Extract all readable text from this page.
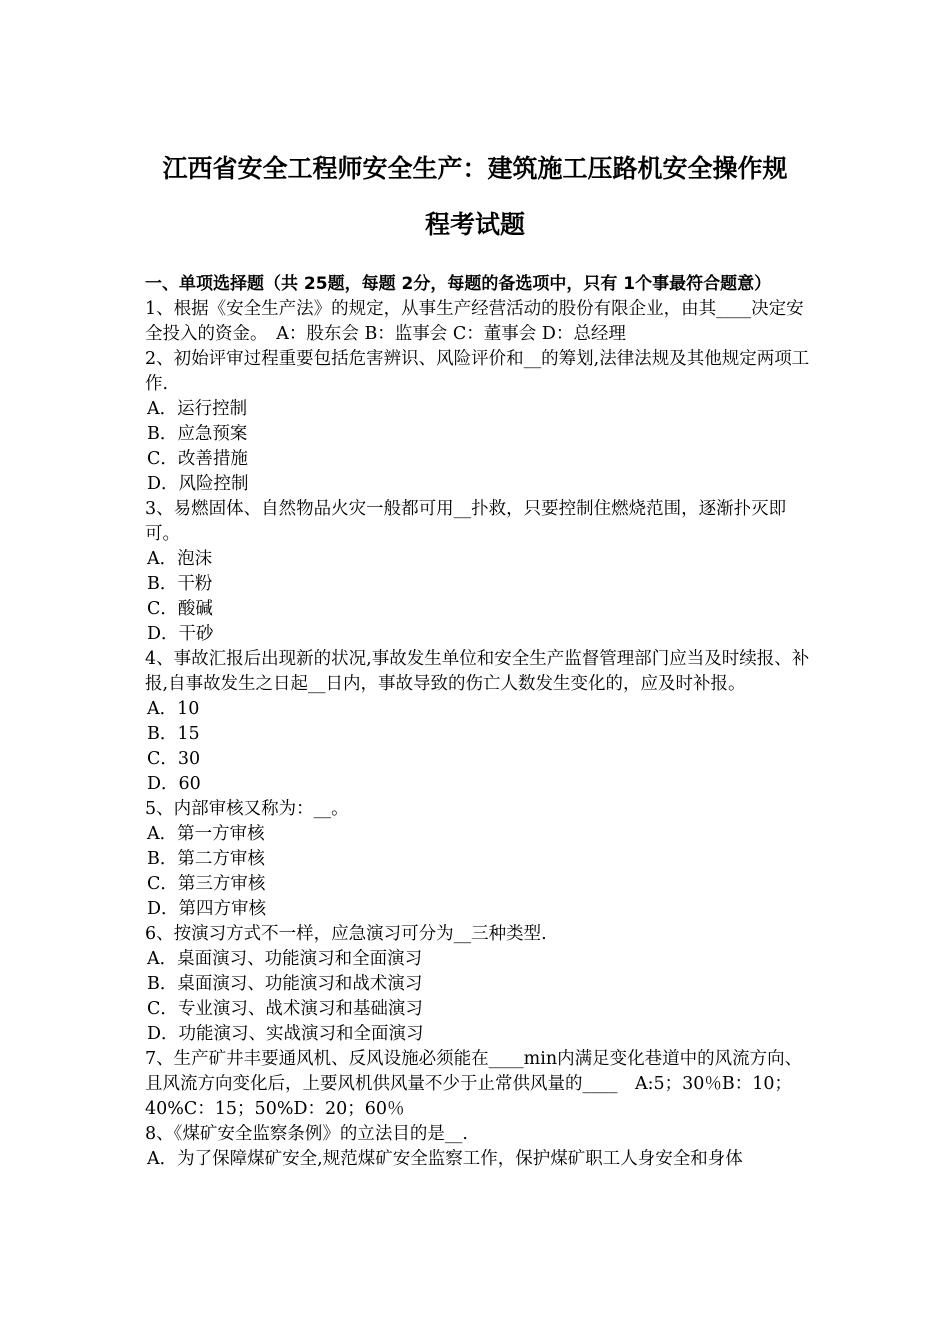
江西省安全工程师安全生产：建筑施工压路机安全操作规
程考试题

一、单项选择题（共 25题，每题 2分，每题的备选项中，只有 1个事最符合题意）

1、根据《安全生产法》的规定，从事生产经营活动的股份有限企业，由其____决定安全投入的资金。　A：股东会 B：监事会 C：董事会 D：总经理

2、初始评审过程重要包括危害辨识、风险评价和__的筹划,法律法规及其他规定两项工作.

A．运行控制

B．应急预案

C．改善措施

D．风险控制

3、易燃固体、自然物品火灾一般都可用__扑救，只要控制住燃烧范围，逐渐扑灭即可。

A．泡沫

B．干粉

C．酸碱

D．干砂

4、事故汇报后出现新的状况,事故发生单位和安全生产监督管理部门应当及时续报、补报,自事故发生之日起__日内，事故导致的伤亡人数发生变化的，应及时补报。

A．10

B．15

C．30

D．60

5、内部审核又称为：__。

A．第一方审核

B．第二方审核

C．第三方审核

D．第四方审核

6、按演习方式不一样，应急演习可分为__三种类型.

A．桌面演习、功能演习和全面演习

B．桌面演习、功能演习和战术演习

C．专业演习、战术演习和基础演习

D．功能演习、实战演习和全面演习

7、生产矿井丰要通风机、反风设施必须能在____min内满足变化巷道中的风流方向、且风流方向变化后，上要风机供风量不少于止常供风量的____　A:5；30％B：10；40%C：15；50%D：20；60％

8、《煤矿安全监察条例》的立法目的是__.

A．为了保障煤矿安全,规范煤矿安全监察工作，保护煤矿职工人身安全和身体
